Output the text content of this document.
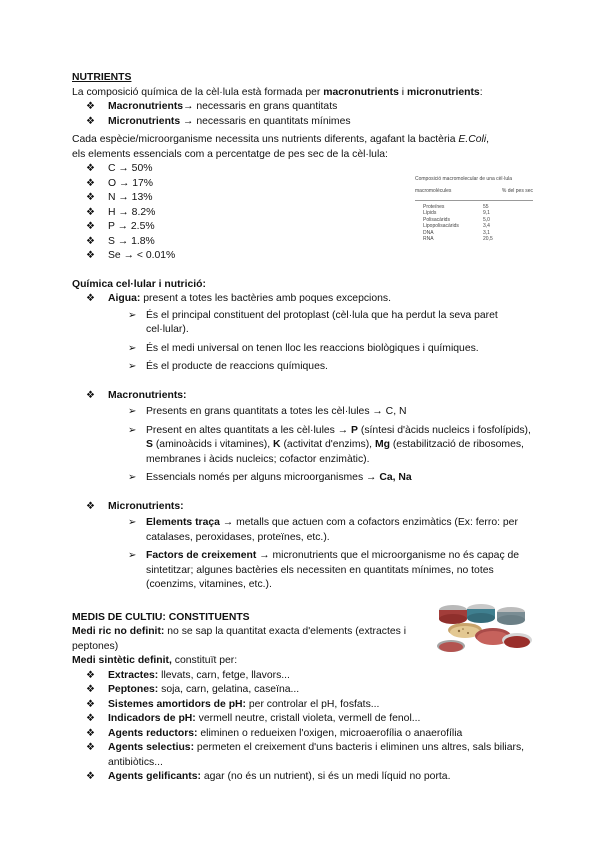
NUTRIENTS

La composició química de la cèl·lula està formada per macronutrients i micronutrients:

❖ Macronutrients→ necessaris en grans quantitats
❖ Micronutrients → necessaris en quantitats mínimes

Cada espècie/microorganisme necessita uns nutrients diferents, agafant la bactèria E.Coli,

els elements essencials com a percentatge de pes sec de la cèl·lula:

❖ C → 50%
❖ O → 17%
❖ N → 13%
❖ H → 8.2%
❖ P → 2.5%
❖ S → 1.8%
❖ Se → < 0.01%

Química cel·lular i nutrició:

❖ Aigua: present a totes les bactèries amb poques excepcions.
➢ És el principal constituent del protoplast (cèl·lula que ha perdut la seva paret cel·lular).
➢ És el medi universal on tenen lloc les reaccions biològiques i químiques.
➢ És el producte de reaccions químiques.
❖ Macronutrients:
➢ Presents en grans quantitats a totes les cèl·lules → C, N
➢ Present en altes quantitats a les cèl·lules → P (síntesi d'àcids nucleics i fosfolípids), S (aminoàcids i vitamines), K (activitat d'enzims), Mg (estabilització de ribosomes, membranes i àcids nucleics; cofactor enzimàtic).
➢ Essencials només per alguns microorganismes → Ca, Na
❖ Micronutrients:
➢ Elements traça → metalls que actuen com a cofactors enzimàtics (Ex: ferro: per catalases, peroxidases, proteïnes, etc.).
➢ Factors de creixement → micronutrients que el microorganisme no és capaç de sintetitzar; algunes bactèries els necessiten en quantitats mínimes, no totes (coenzims, vitamines, etc.).

MEDIS DE CULTIU: CONSTITUENTS

Medi ric no definit: no se sap la quantitat exacta d'elements (extractes i peptones)

Medi sintètic definit, constituït per:

❖ Extractes: llevats, carn, fetge, llavors...
❖ Peptones: soja, carn, gelatina, caseïna...
❖ Sistemes amortidors de pH: per controlar el pH, fosfats...
❖ Indicadors de pH: vermell neutre, cristall violeta, vermell de fenol...
❖ Agents reductors: eliminen o redueixen l'oxigen, microaerofília o anaerofília
❖ Agents selectius: permeten el creixement d'uns bacteris i eliminen uns altres, sals biliars, antibiòtics...
❖ Agents gelificants: agar (no és un nutrient), si és un medi líquid no porta.
Composició macromolecular de una cèl·lula
macromolècules	% del pes sec
Proteïnes	55
Lípids	9,1
Polisacàrids	5,0
Lipopolisacàrids	3,4
DNA	3,1
RNA	20,5
